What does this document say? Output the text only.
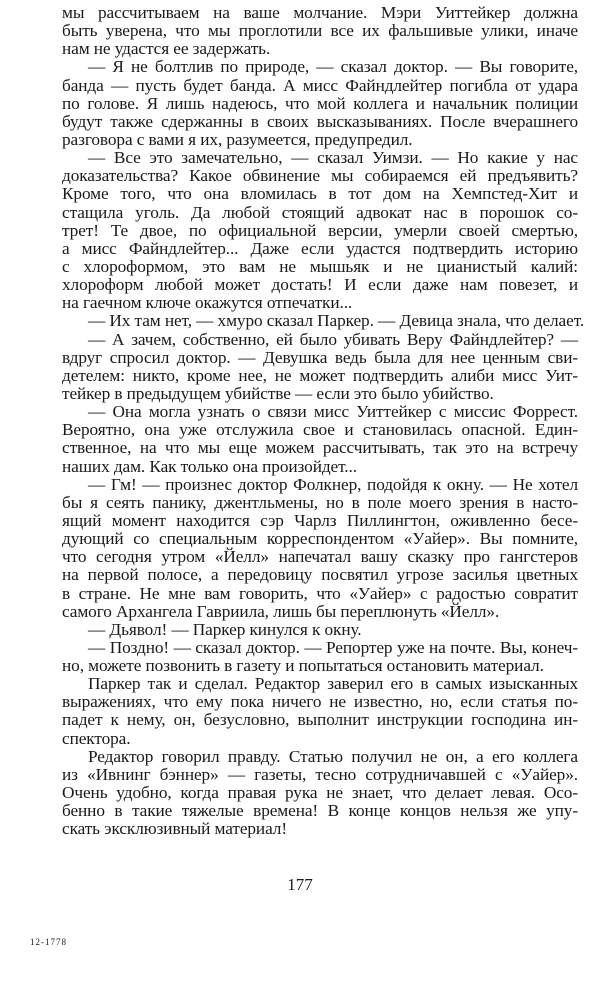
мы рассчитываем на ваше молчание. Мэри Уиттейкер должна
быть уверена, что мы проглотили все их фальшивые улики, иначе
нам не удастся ее задержать.
— Я не болтлив по природе, — сказал доктор. — Вы говорите,
банда — пусть будет банда. А мисс Файндлейтер погибла от удара
по голове. Я лишь надеюсь, что мой коллега и начальник полиции
будут также сдержанны в своих высказываниях. После вчерашнего
разговора с вами я их, разумеется, предупредил.
— Все это замечательно, — сказал Уимзи. — Но какие у нас
доказательства? Какое обвинение мы собираемся ей предъявить?
Кроме того, что она вломилась в тот дом на Хемпстед-Хит и
стащила уголь. Да любой стоящий адвокат нас в порошок со-
трет! Те двое, по официальной версии, умерли своей смертью,
а мисс Файндлейтер... Даже если удастся подтвердить историю
с хлороформом, это вам не мышьяк и не цианистый калий:
хлороформ любой может достать! И если даже нам повезет, и
на гаечном ключе окажутся отпечатки...
— Их там нет, — хмуро сказал Паркер. — Девица знала, что делает.
— А зачем, собственно, ей было убивать Веру Файндлейтер? —
вдруг спросил доктор. — Девушка ведь была для нее ценным сви-
детелем: никто, кроме нее, не может подтвердить алиби мисс Уит-
тейкер в предыдущем убийстве — если это было убийство.
— Она могла узнать о связи мисс Уиттейкер с миссис Форрест.
Вероятно, она уже отслужила свое и становилась опасной. Един-
ственное, на что мы еще можем рассчитывать, так это на встречу
наших дам. Как только она произойдет...
— Гм! — произнес доктор Фолкнер, подойдя к окну. — Не хотел
бы я сеять панику, джентльмены, но в поле моего зрения в насто-
ящий момент находится сэр Чарлз Пиллингтон, оживленно бесе-
дующий со специальным корреспондентом «Уайер». Вы помните,
что сегодня утром «Йелл» напечатал вашу сказку про гангстеров
на первой полосе, а передовицу посвятил угрозе засилья цветных
в стране. Не мне вам говорить, что «Уайер» с радостью совратит
самого Архангела Гавриила, лишь бы переплюнуть «Йелл».
— Дьявол! — Паркер кинулся к окну.
— Поздно! — сказал доктор. — Репортер уже на почте. Вы, конеч-
но, можете позвонить в газету и попытаться остановить материал.
Паркер так и сделал. Редактор заверил его в самых изысканных
выражениях, что ему пока ничего не известно, но, если статья по-
падет к нему, он, безусловно, выполнит инструкции господина ин-
спектора.
Редактор говорил правду. Статью получил не он, а его коллега
из «Ивнинг бэннер» — газеты, тесно сотрудничавшей с «Уайер».
Очень удобно, когда правая рука не знает, что делает левая. Осо-
бенно в такие тяжелые времена! В конце концов нельзя же упу-
скать эксклюзивный материал!
177
12-1778
